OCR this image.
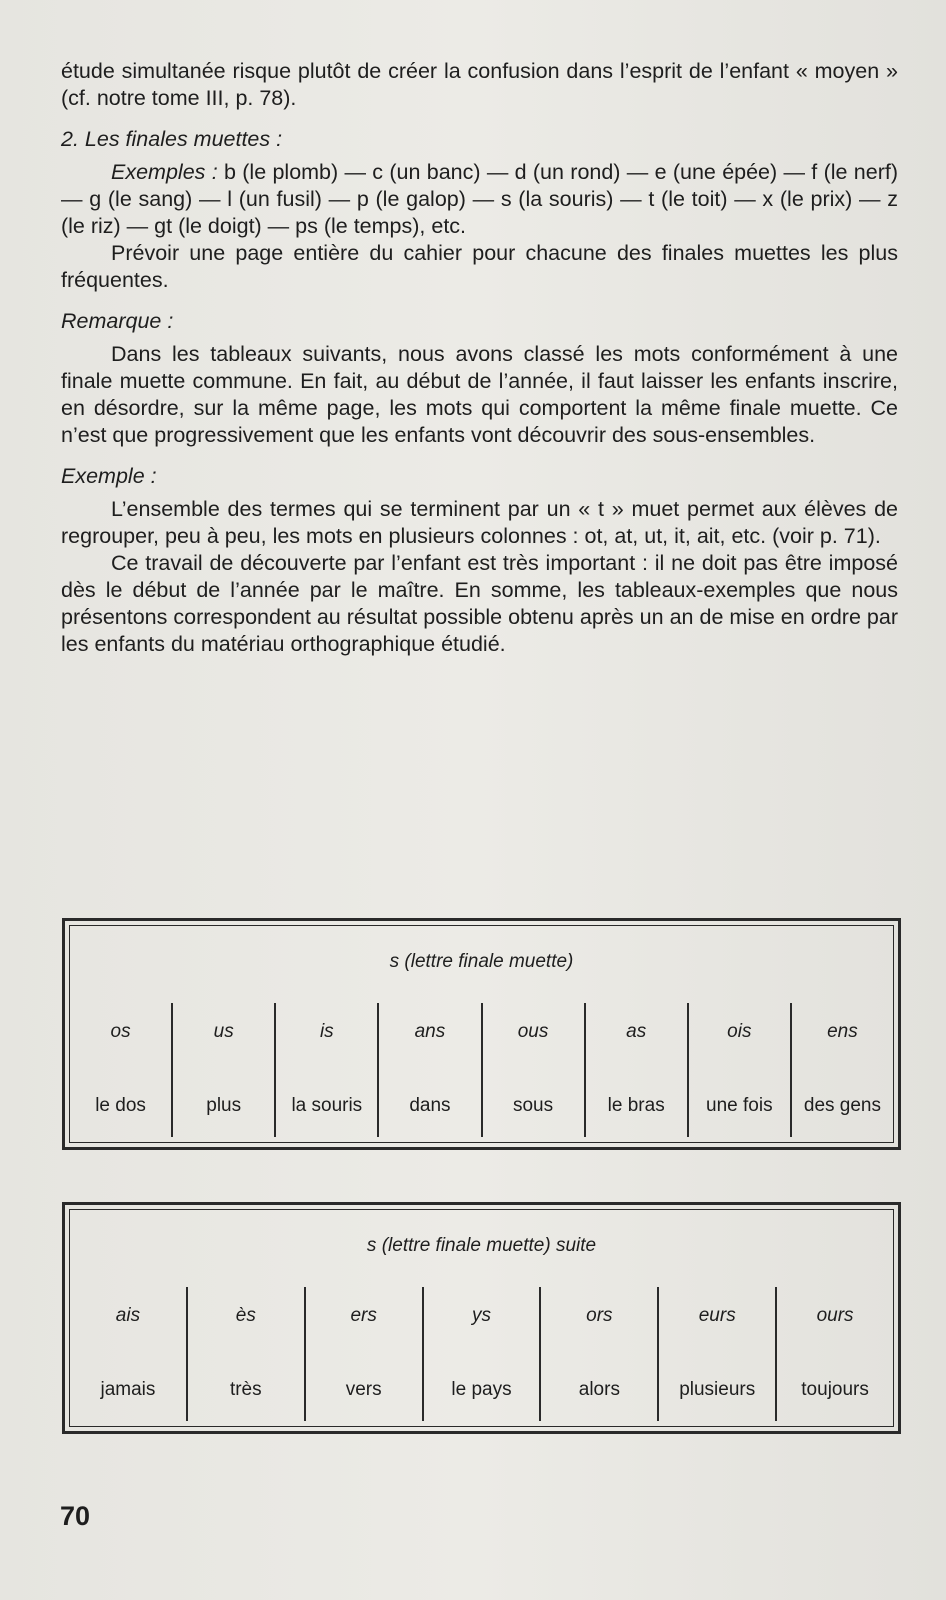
étude simultanée risque plutôt de créer la confusion dans l’esprit de l’enfant « moyen » (cf. notre tome III, p. 78).

2. Les finales muettes :

Exemples : b (le plomb) — c (un banc) — d (un rond) — e (une épée) — f (le nerf) — g (le sang) — l (un fusil) — p (le galop) — s (la souris) — t (le toit) — x (le prix) — z (le riz) — gt (le doigt) — ps (le temps), etc.

Prévoir une page entière du cahier pour chacune des finales muettes les plus fréquentes.

Remarque :

Dans les tableaux suivants, nous avons classé les mots conformément à une finale muette commune. En fait, au début de l’année, il faut laisser les enfants inscrire, en désordre, sur la même page, les mots qui comportent la même finale muette. Ce n’est que progressivement que les enfants vont découvrir des sous-ensembles.

Exemple :

L’ensemble des termes qui se terminent par un « t » muet permet aux élèves de regrouper, peu à peu, les mots en plusieurs colonnes : ot, at, ut, it, ait, etc. (voir p. 71).

Ce travail de découverte par l’enfant est très important : il ne doit pas être imposé dès le début de l’année par le maître. En somme, les tableaux-exemples que nous présentons correspondent au résultat possible obtenu après un an de mise en ordre par les enfants du matériau orthographique étudié.

s (lettre finale muette)
os
le dos
us
plus
is
la souris
ans
dans
ous
sous
as
le bras
ois
une fois
ens
des gens
s (lettre finale muette) suite
ais
jamais
ès
très
ers
vers
ys
le pays
ors
alors
eurs
plusieurs
ours
toujours
70
